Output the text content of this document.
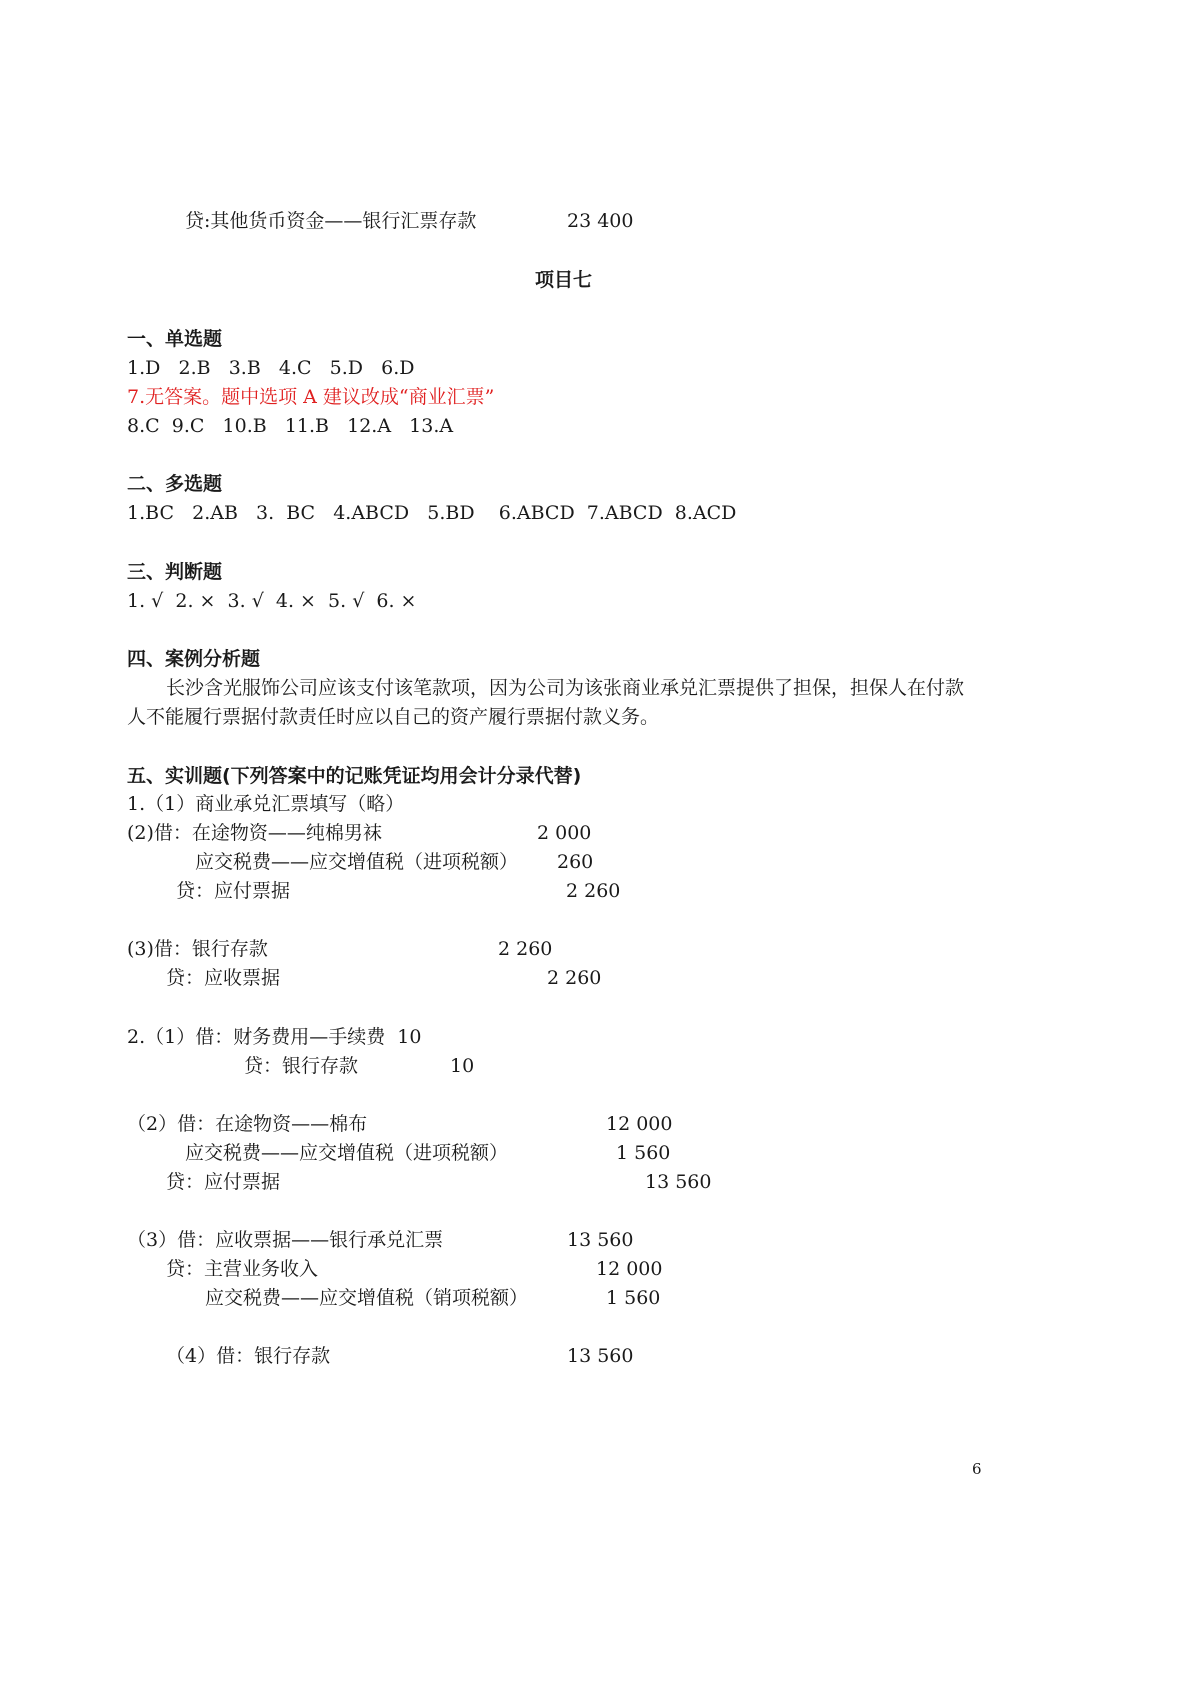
贷:其他货币资金——银行汇票存款	23 400
项目七
一、单选题
1.D   2.B   3.B   4.C   5.D   6.D
7.无答案。题中选项 A 建议改成“商业汇票”
8.C  9.C   10.B   11.B   12.A   13.A
二、多选题
1.BC   2.AB   3.  BC   4.ABCD   5.BD    6.ABCD  7.ABCD  8.ACD
三、判断题
1. √  2. ×  3. √  4. ×  5. √  6. ×
四、案例分析题
长沙含光服饰公司应该支付该笔款项，因为公司为该张商业承兑汇票提供了担保，担保人在付款
人不能履行票据付款责任时应以自己的资产履行票据付款义务。
五、实训题(下列答案中的记账凭证均用会计分录代替)
1.（1）商业承兑汇票填写（略）
(2)借：在途物资——纯棉男袜	2 000
应交税费——应交增值税（进项税额） 260
贷：应付票据	2 260
(3)借：银行存款	2 260
贷：应收票据	2 260
2.（1）借：财务费用—手续费  10
贷：银行存款	10
（2）借：在途物资——棉布	12 000
应交税费——应交增值税（进项税额）	1 560
贷：应付票据	13 560
（3）借：应收票据——银行承兑汇票	13 560
贷：主营业务收入	12 000
应交税费——应交增值税（销项税额）	1 560
（4）借：银行存款	13 560
6
